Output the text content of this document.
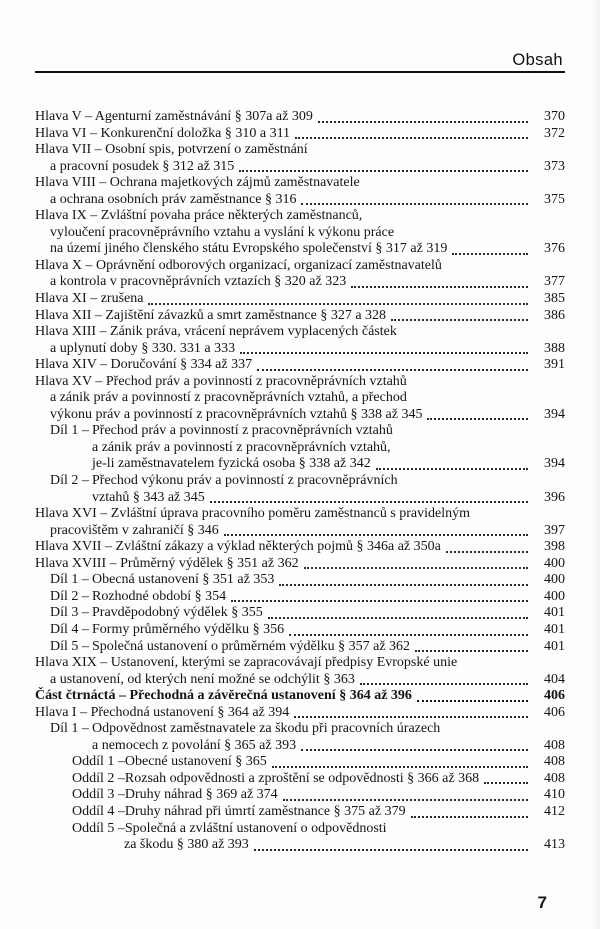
Obsah
Hlava V – Agenturní zaměstnávání § 307a až 309	370
Hlava VI – Konkurenční doložka § 310 a 311	372
Hlava VII – Osobní spis, potvrzení o zaměstnání
a pracovní posudek § 312 až 315	373
Hlava VIII – Ochrana majetkových zájmů zaměstnavatele
a ochrana osobních práv zaměstnance § 316	375
Hlava IX – Zvláštní povaha práce některých zaměstnanců,
vyloučení pracovněprávního vztahu a vyslání k výkonu práce
na území jiného členského státu Evropského společenství § 317 až 319	376
Hlava X – Oprávnění odborových organizací, organizací zaměstnavatelů
a kontrola v pracovněprávních vztazích § 320 až 323	377
Hlava XI – zrušena	385
Hlava XII – Zajištění závazků a smrt zaměstnance § 327 a 328	386
Hlava XIII – Zánik práva, vrácení neprávem vyplacených částek
a uplynutí doby § 330. 331 a 333	388
Hlava XIV – Doručování § 334 až 337	391
Hlava XV – Přechod práv a povinností z pracovněprávních vztahů
a zánik práv a povinností z pracovněprávních vztahů, a přechod
výkonu práv a povinností z pracovněprávních vztahů § 338 až 345	394
Díl 1 – Přechod práv a povinností z pracovněprávních vztahů
a zánik práv a povinností z pracovněprávních vztahů,
je-li zaměstnavatelem fyzická osoba § 338 až 342	394
Díl 2 – Přechod výkonu práv a povinností z pracovněprávních
vztahů § 343 až 345	396
Hlava XVI – Zvláštní úprava pracovního poměru zaměstnanců s pravidelným
pracovištěm v zahraničí § 346	397
Hlava XVII – Zvláštní zákazy a výklad některých pojmů § 346a až 350a	398
Hlava XVIII – Průměrný výdělek § 351 až 362	400
Díl 1 – Obecná ustanovení § 351 až 353	400
Díl 2 – Rozhodné období § 354	400
Díl 3 – Pravděpodobný výdělek § 355	401
Díl 4 – Formy průměrného výdělku § 356	401
Díl 5 – Společná ustanovení o průměrném výdělku § 357 až 362	401
Hlava XIX – Ustanovení, kterými se zapracovávají předpisy Evropské unie
a ustanovení, od kterých není možné se odchýlit § 363	404
Část čtrnáctá – Přechodná a závěrečná ustanovení § 364 až 396	406
Hlava I – Přechodná ustanovení § 364 až 394	406
Díl 1 – Odpovědnost zaměstnavatele za škodu při pracovních úrazech
a nemocech z povolání § 365 až 393	408
Oddíl 1 – Obecné ustanovení § 365	408
Oddíl 2 – Rozsah odpovědnosti a zproštění se odpovědnosti § 366 až 368	408
Oddíl 3 – Druhy náhrad § 369 až 374	410
Oddíl 4 – Druhy náhrad při úmrtí zaměstnance § 375 až 379	412
Oddíl 5 – Společná a zvláštní ustanovení o odpovědnosti
za škodu § 380 až 393	413
7
